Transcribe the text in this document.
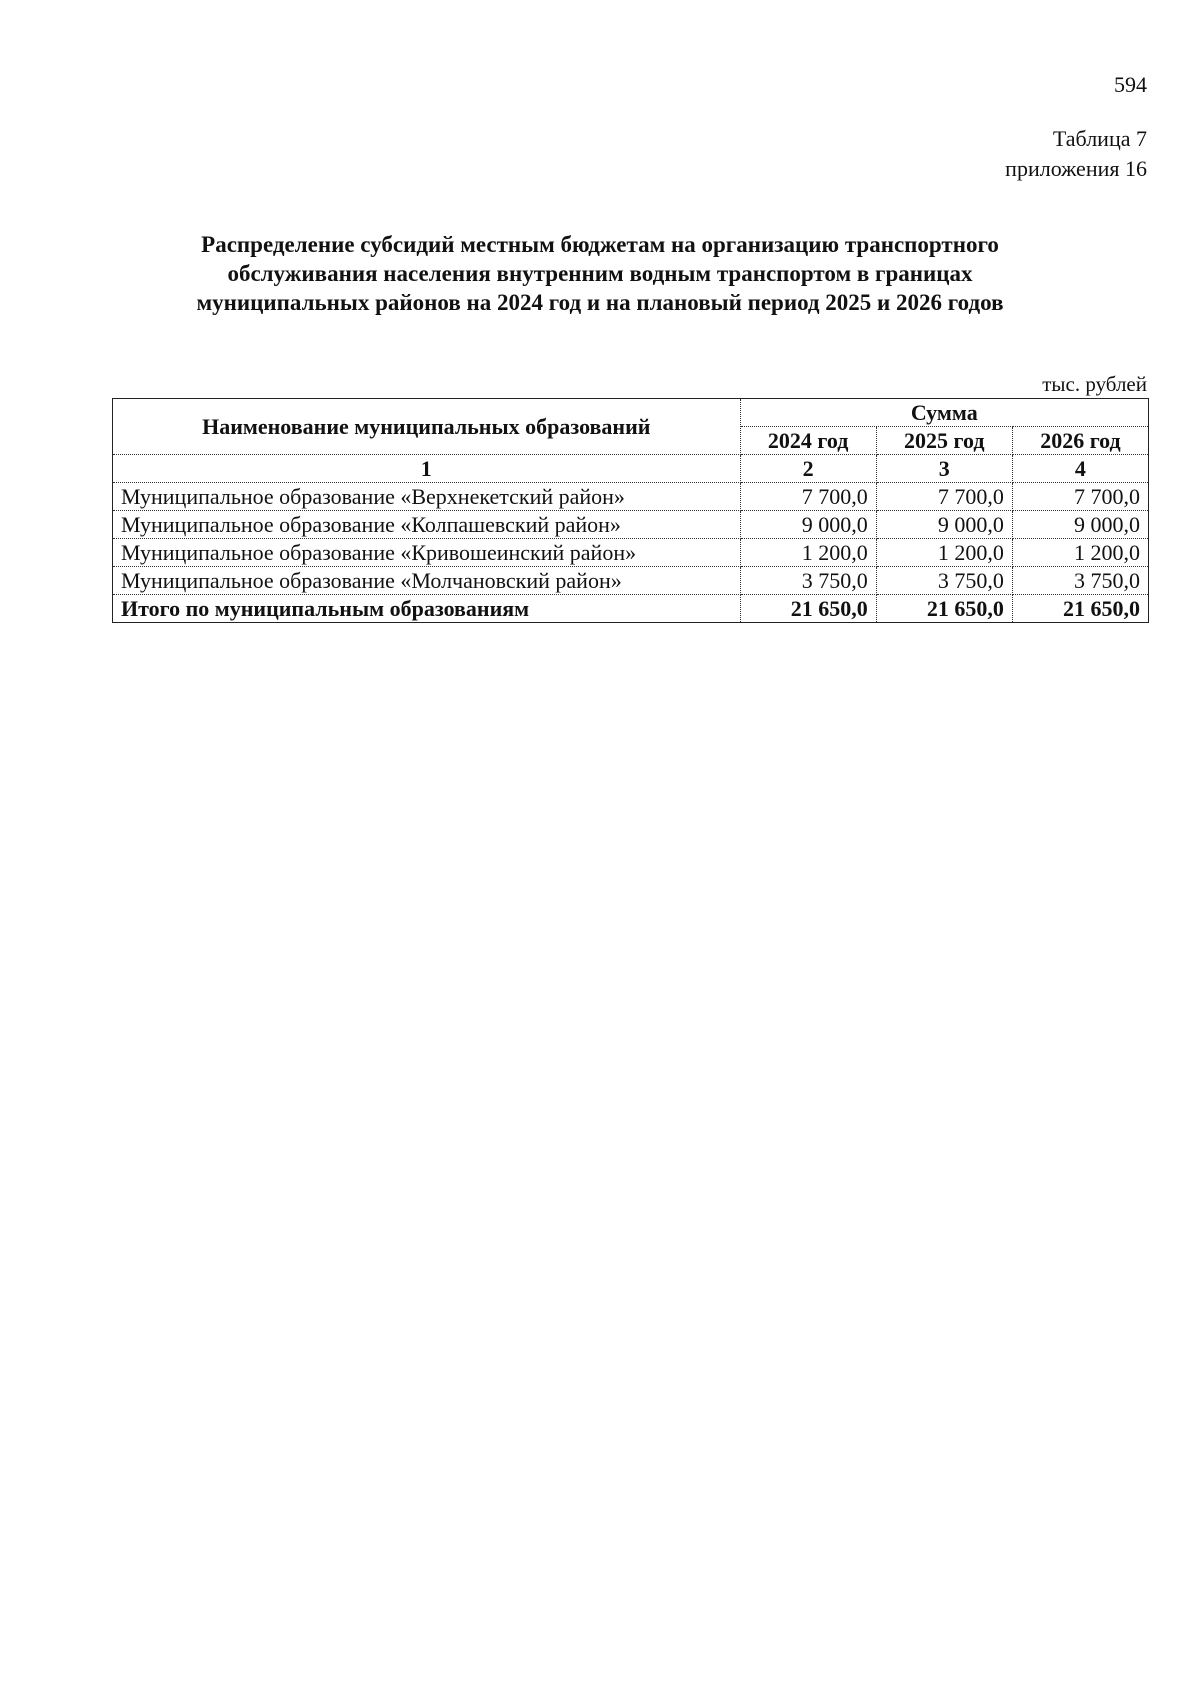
594
Таблица 7
приложения 16
Распределение субсидий местным бюджетам на организацию транспортного
обслуживания населения внутренним водным транспортом в границах
муниципальных районов на 2024 год и на плановый период 2025 и 2026 годов
тыс. рублей
Наименование муниципальных образований	Сумма		
	2024 год	2025 год	2026 год
1	2	3	4
Муниципальное образование «Верхнекетский район»	7 700,0	7 700,0	7 700,0
Муниципальное образование «Колпашевский район»	9 000,0	9 000,0	9 000,0
Муниципальное образование «Кривошеинский район»	1 200,0	1 200,0	1 200,0
Муниципальное образование «Молчановский район»	3 750,0	3 750,0	3 750,0
Итого по муниципальным образованиям	21 650,0	21 650,0	21 650,0
